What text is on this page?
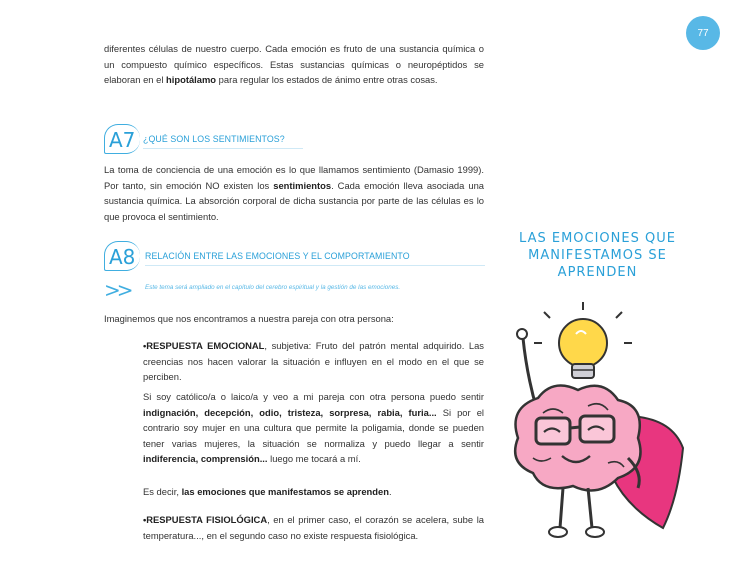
77

diferentes células de nuestro cuerpo. Cada emoción es fruto de una sustancia química o un compuesto químico específicos. Estas sustancias químicas o neuropéptidos se elaboran en el hipotálamo para regular los estados de ánimo entre otras cosas.

A7 ¿QUÉ SON LOS SENTIMIENTOS?

La toma de conciencia de una emoción es lo que llamamos sentimiento (Damasio 1999). Por tanto, sin emoción NO existen los sentimientos. Cada emoción lleva asociada una sustancia química. La absorción corporal de dicha sustancia por parte de las células es lo que provoca el sentimiento.

A8	RELACIÓN ENTRE LAS EMOCIONES Y EL COMPORTAMIENTO
>> Este tema será ampliado en el capítulo del cerebro espiritual y la gestión de las emociones.

Imaginemos que nos encontramos a nuestra pareja con otra persona:

•RESPUESTA EMOCIONAL, subjetiva: Fruto del patrón mental adquirido. Las creencias nos hacen valorar la situación e influyen en el modo en el que se perciben.

Si soy católico/a o laico/a y veo a mi pareja con otra persona puedo sentir indignación, decepción, odio, tristeza, sorpresa, rabia, furia... Si por el contrario soy mujer en una cultura que permite la poligamia, donde se pueden tener varias mujeres, la situación se normaliza y puedo llegar a sentir indiferencia, comprensión... luego me tocará a mí.

Es decir, las emociones que manifestamos se aprenden.

•RESPUESTA FISIOLÓGICA, en el primer caso, el corazón se acelera, sube la temperatura..., en el segundo caso no existe respuesta fisiológica.

LAS EMOCIONES QUE MANIFESTAMOS SE APRENDEN
